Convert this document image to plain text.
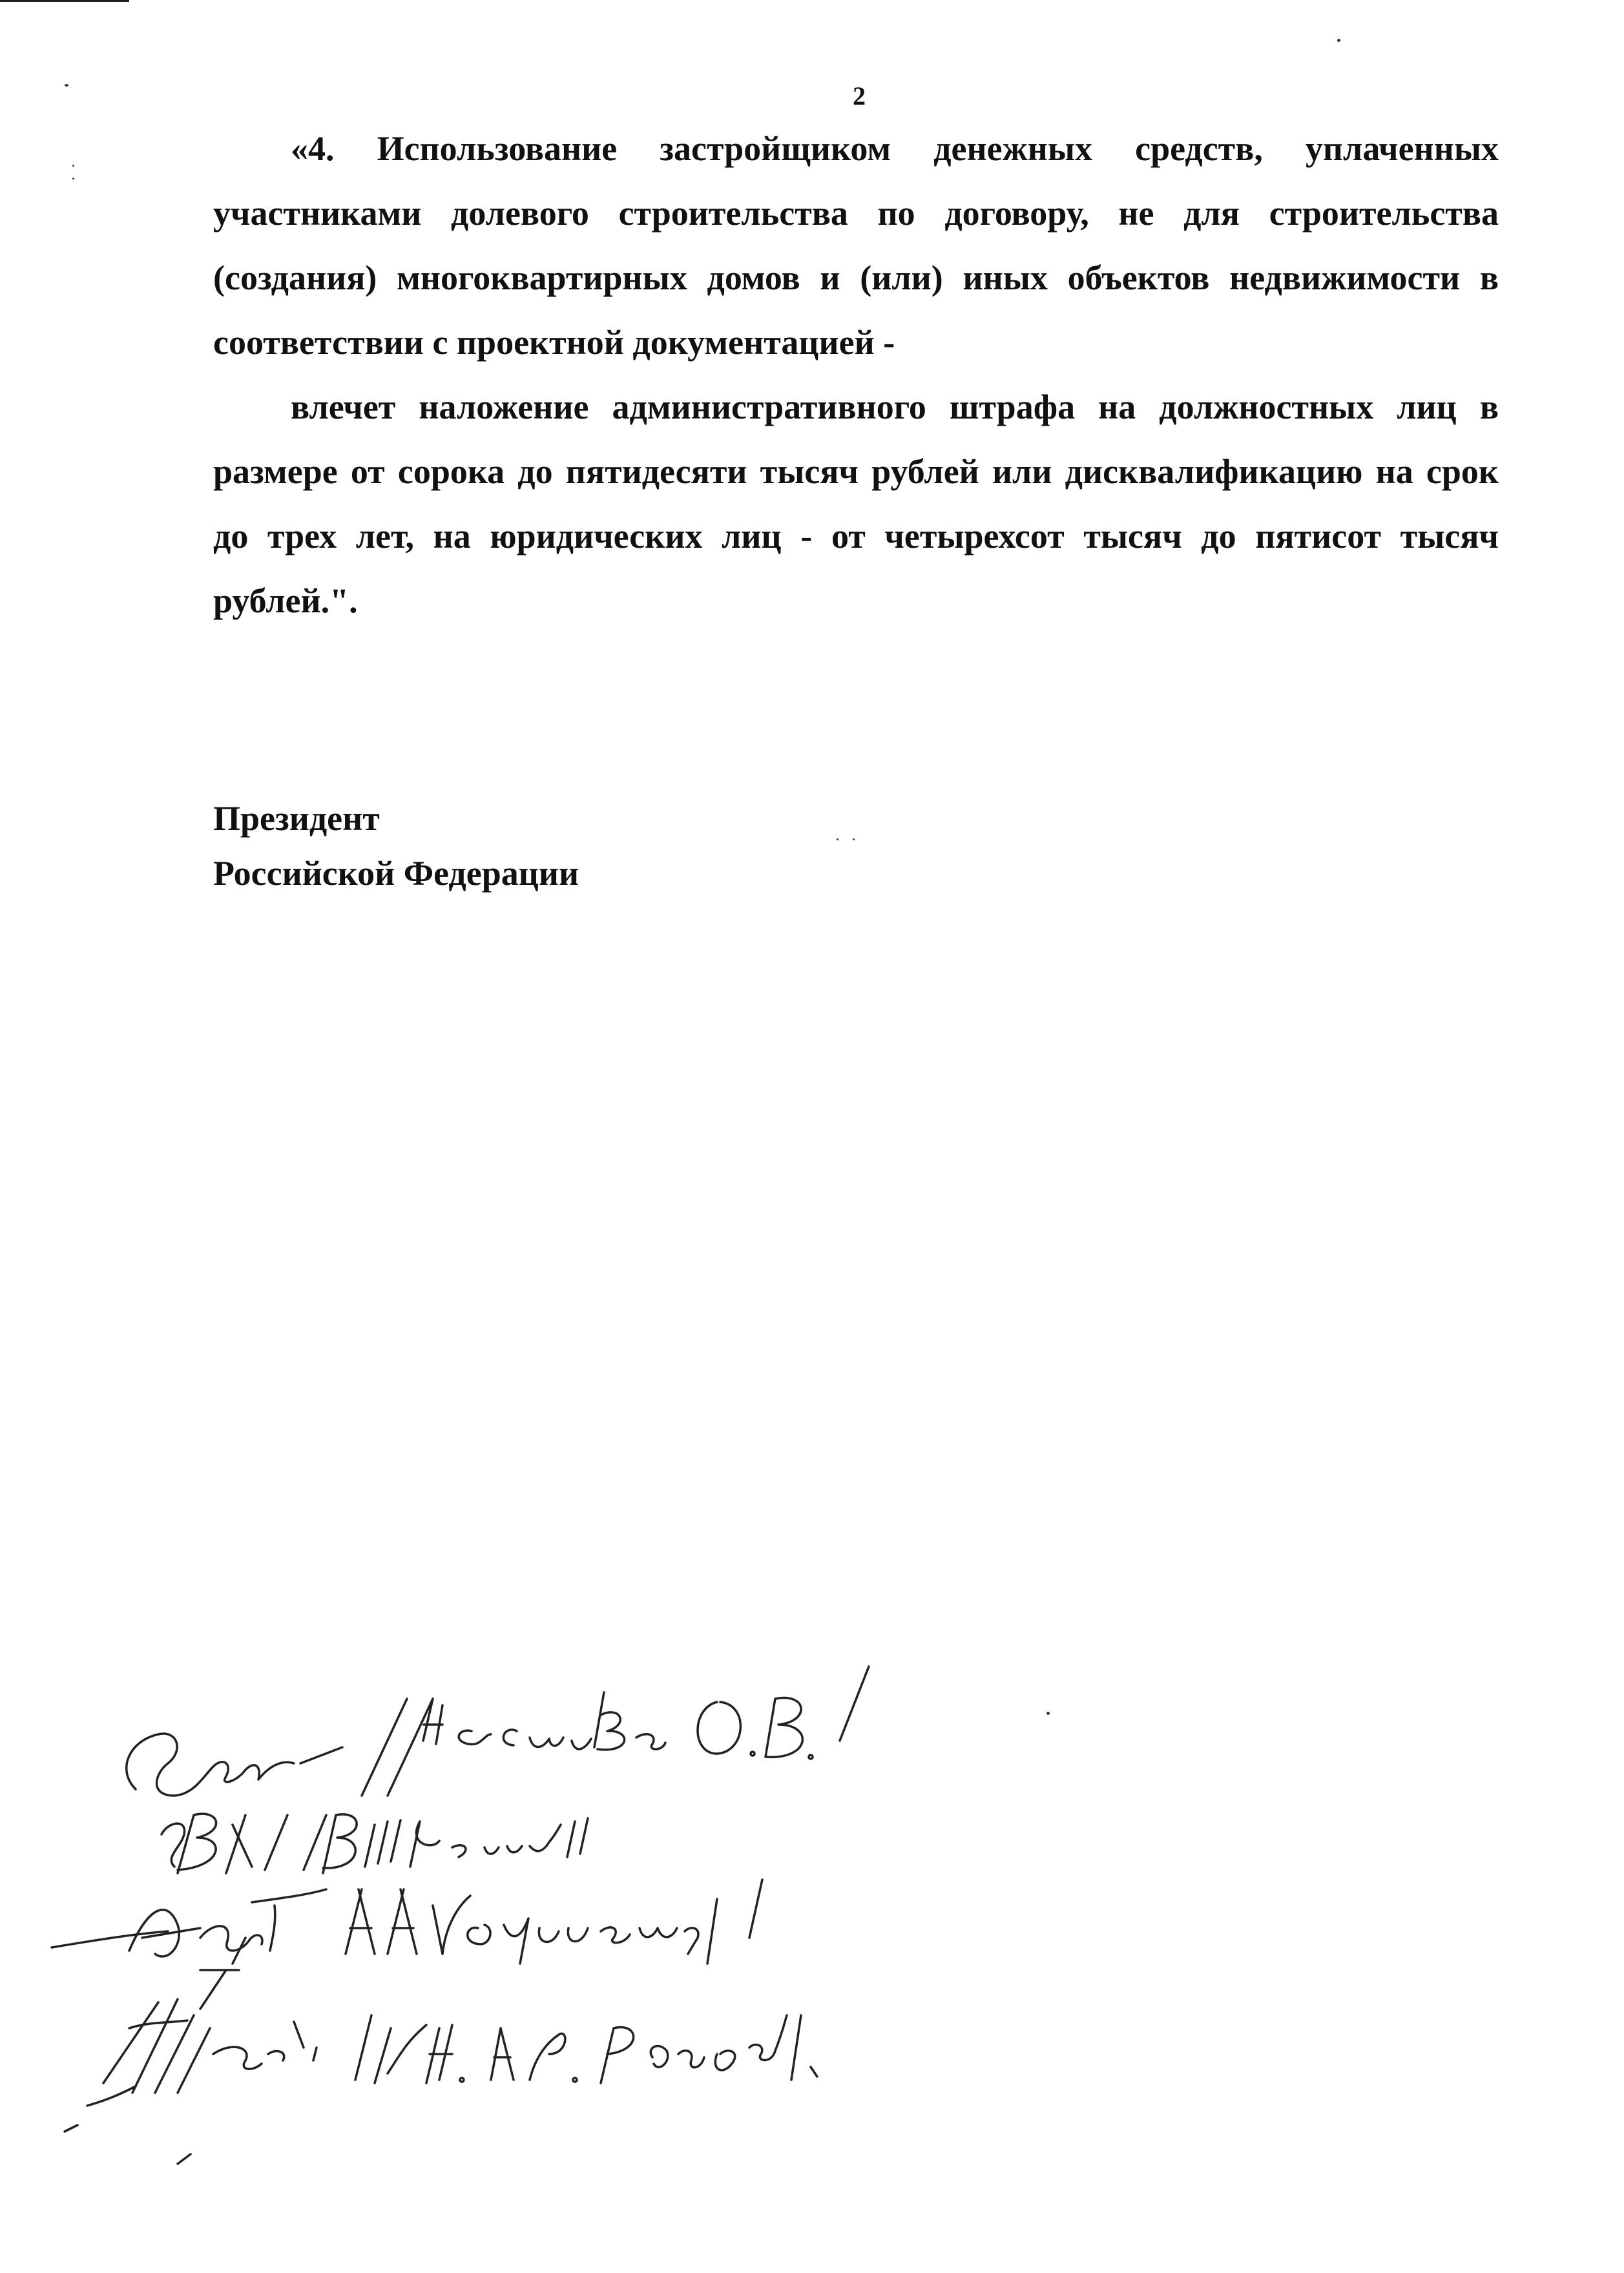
2

«4. Использование застройщиком денежных средств, уплаченных участниками долевого строительства по договору, не для строительства (создания) многоквартирных домов и (или) иных объектов недвижимости в соответствии с проектной документацией -

влечет наложение административного штрафа на должностных лиц в размере от сорока до пятидесяти тысяч рублей или дисквалификацию на срок до трех лет, на юридических лиц - от четырехсот тысяч до пятисот тысяч рублей.".

Президент
Российской Федерации
